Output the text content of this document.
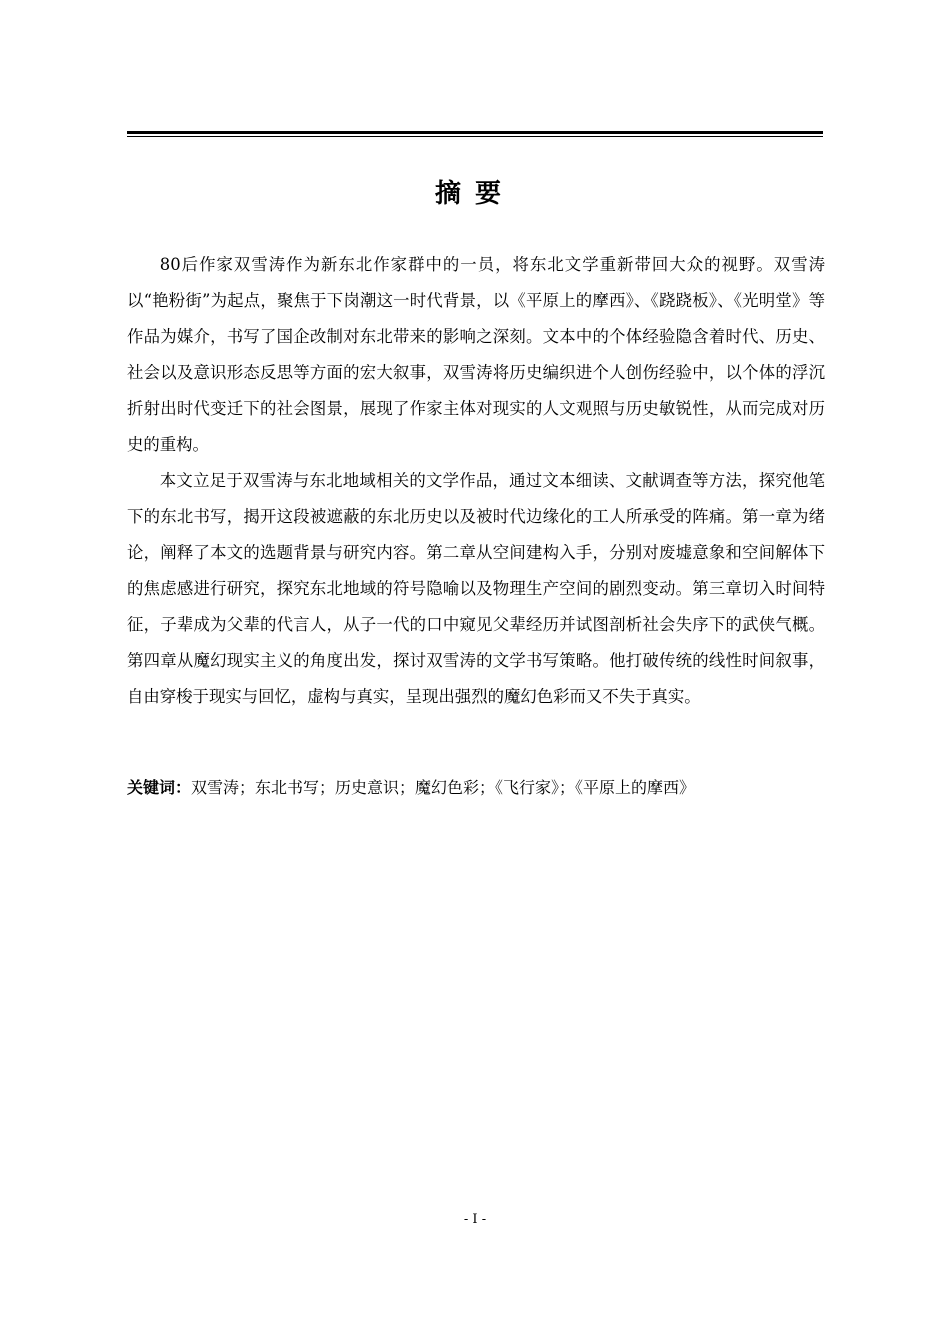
摘要

80后作家双雪涛作为新东北作家群中的一员，将东北文学重新带回大众的视野。双雪涛以“艳粉街”为起点，聚焦于下岗潮这一时代背景，以《平原上的摩西》、《跷跷板》、《光明堂》等作品为媒介，书写了国企改制对东北带来的影响之深刻。文本中的个体经验隐含着时代、历史、社会以及意识形态反思等方面的宏大叙事，双雪涛将历史编织进个人创伤经验中，以个体的浮沉折射出时代变迁下的社会图景，展现了作家主体对现实的人文观照与历史敏锐性，从而完成对历史的重构。

本文立足于双雪涛与东北地域相关的文学作品，通过文本细读、文献调查等方法，探究他笔下的东北书写，揭开这段被遮蔽的东北历史以及被时代边缘化的工人所承受的阵痛。第一章为绪论，阐释了本文的选题背景与研究内容。第二章从空间建构入手，分别对废墟意象和空间解体下的焦虑感进行研究，探究东北地域的符号隐喻以及物理生产空间的剧烈变动。第三章切入时间特征，子辈成为父辈的代言人，从子一代的口中窥见父辈经历并试图剖析社会失序下的武侠气概。第四章从魔幻现实主义的角度出发，探讨双雪涛的文学书写策略。他打破传统的线性时间叙事，自由穿梭于现实与回忆，虚构与真实，呈现出强烈的魔幻色彩而又不失于真实。

关键词：双雪涛；东北书写；历史意识；魔幻色彩；《飞行家》；《平原上的摩西》
- I -
